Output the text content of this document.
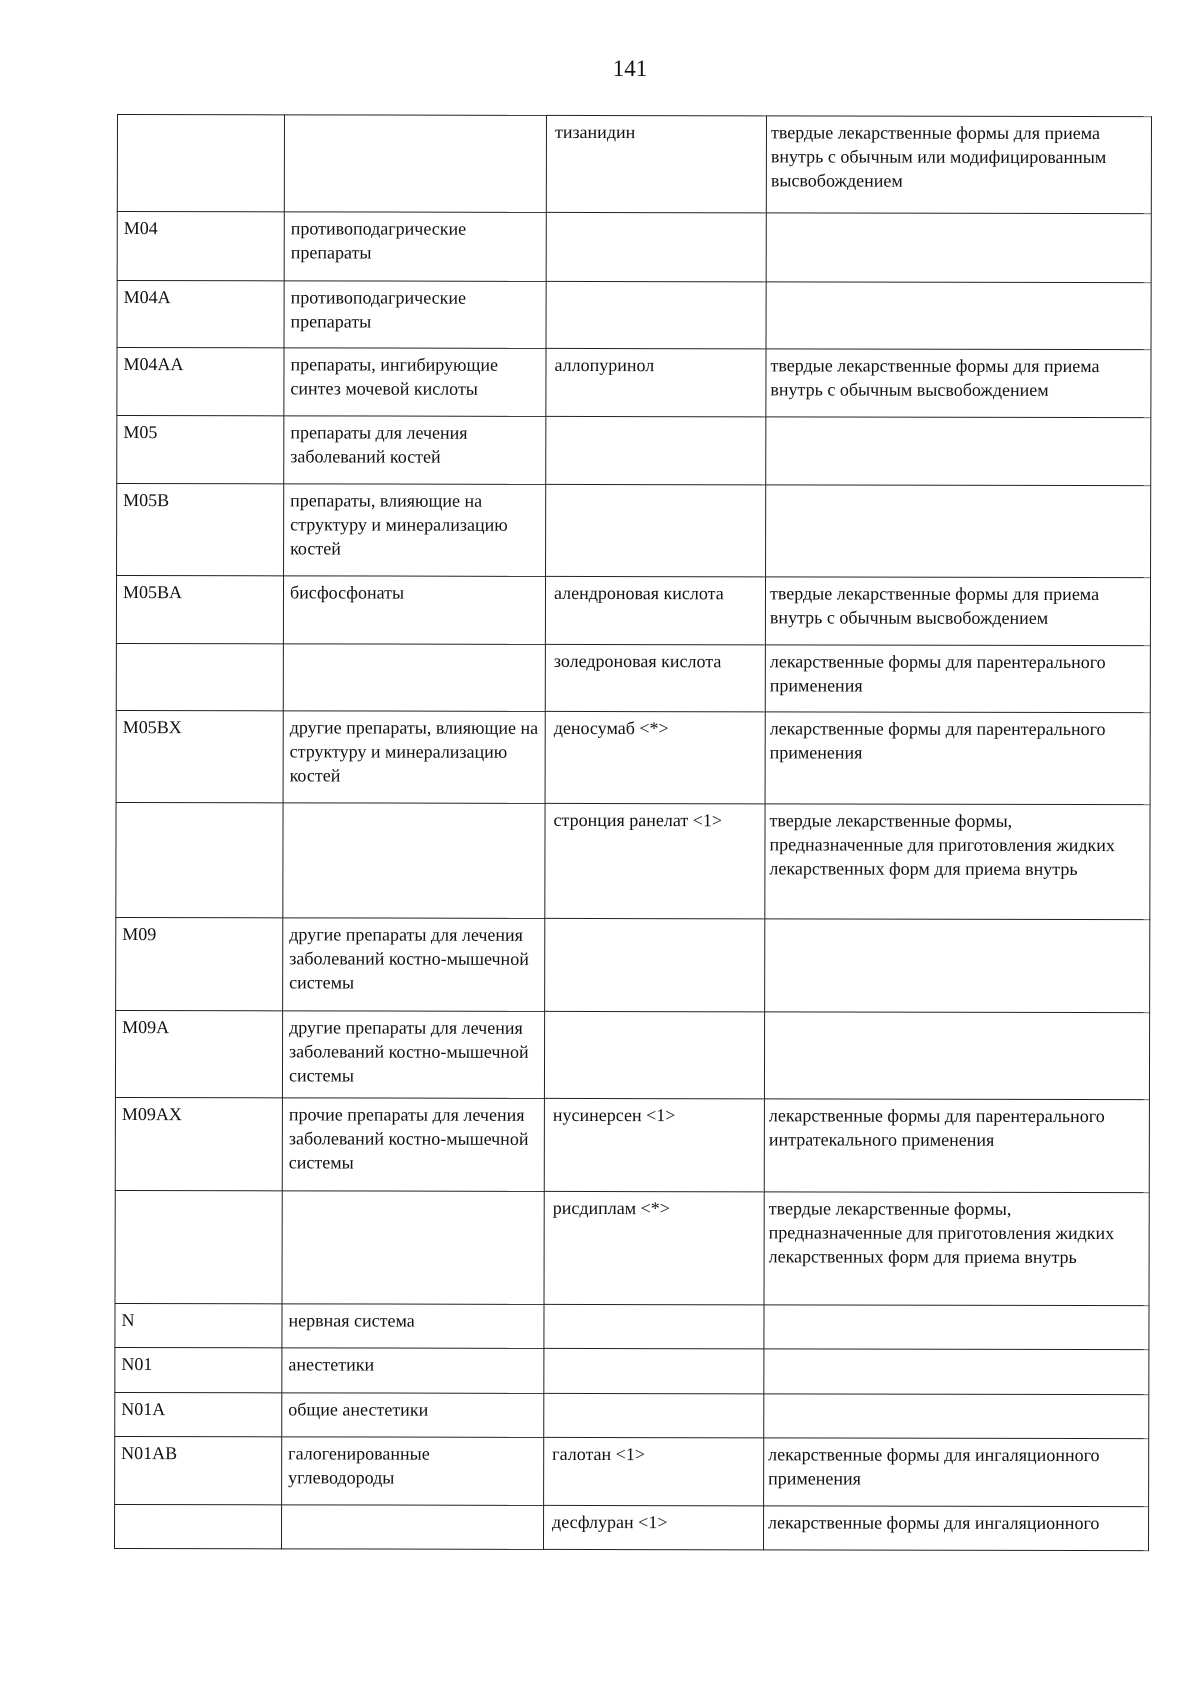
141
		тизанидин	твердые лекарственные формы для приема внутрь с обычным или модифицированным высвобождением
M04	противоподагрические препараты		
M04A	противоподагрические препараты		
M04AA	препараты, ингибирующие синтез мочевой кислоты	аллопуринол	твердые лекарственные формы для приема внутрь с обычным высвобождением
M05	препараты для лечения заболеваний костей		
M05B	препараты, влияющие на структуру и минерализацию костей		
M05BA	бисфосфонаты	алендроновая кислота	твердые лекарственные формы для приема внутрь с обычным высвобождением
		золедроновая кислота	лекарственные формы для парентерального применения
M05BX	другие препараты, влияющие на структуру и минерализацию костей	деносумаб <*>	лекарственные формы для парентерального применения
		стронция ранелат <1>	твердые лекарственные формы, предназначенные для приготовления жидких лекарственных форм для приема внутрь
M09	другие препараты для лечения заболеваний костно-мышечной системы		
M09A	другие препараты для лечения заболеваний костно-мышечной системы		
M09AX	прочие препараты для лечения заболеваний костно-мышечной системы	нусинерсен <1>	лекарственные формы для парентерального интратекального применения
		рисдиплам <*>	твердые лекарственные формы, предназначенные для приготовления жидких лекарственных форм для приема внутрь
N	нервная система		
N01	анестетики		
N01A	общие анестетики		
N01AB	галогенированные углеводороды	галотан <1>	лекарственные формы для ингаляционного применения
		десфлуран <1>	лекарственные формы для ингаляционного
